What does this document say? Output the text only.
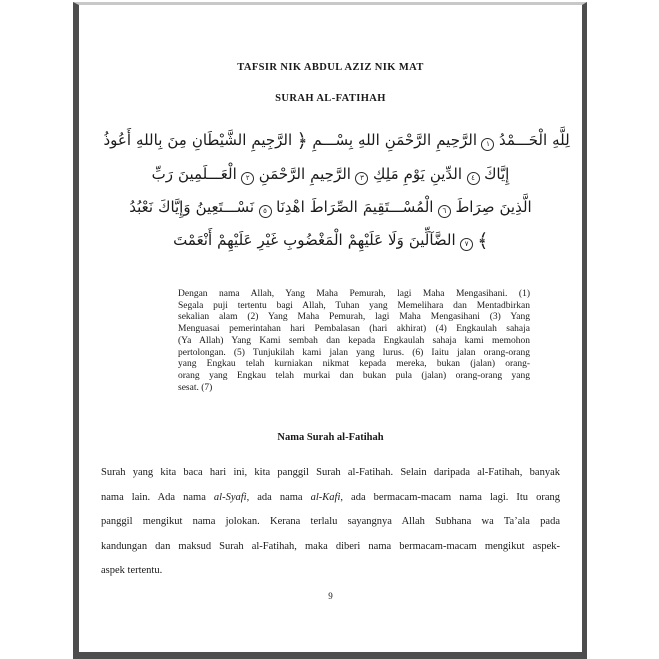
TAFSIR NIK ABDUL AZIZ NIK MAT
SURAH AL-FATIHAH
أَعُوذُ بِاللهِ مِنَ الشَّيْطَانِ الرَّجِيمِ ﴿ بِسْـــمِ اللهِ الرَّحْمَنِ الرَّحِيمِ ١ الْحَـــمْدُ لِلَّهِ
رَبِّ الْعَـــلَمِينَ ٢ الرَّحْمَنِ الرَّحِيمِ ٣ مَلِكِ يَوْمِ الدِّينِ ٤ إِيَّاكَ
نَعْبُدُ وَإِيَّاكَ نَسْـــتَعِينُ ٥ اهْدِنَا الصِّرَاطَ الْمُسْـــتَقِيمَ ٦ صِرَاطَ الَّذِينَ
أَنْعَمْتَ عَلَيْهِمْ غَيْرِ الْمَغْضُوبِ عَلَيْهِمْ وَلَا الضَّآلِّينَ ٧ ﴾
Dengan nama Allah, Yang Maha Pemurah, lagi Maha Mengasihani. (1)
Segala puji tertentu bagi Allah, Tuhan yang Memelihara dan Mentadbirkan
sekalian alam (2) Yang Maha Pemurah, lagi Maha Mengasihani (3) Yang
Menguasai pemerintahan hari Pembalasan (hari akhirat) (4) Engkaulah sahaja
(Ya Allah) Yang Kami sembah dan kepada Engkaulah sahaja kami memohon
pertolongan. (5) Tunjukilah kami jalan yang lurus. (6) Iaitu jalan orang-orang
yang Engkau telah kurniakan nikmat kepada mereka, bukan (jalan) orang-
orang yang Engkau telah murkai dan bukan pula (jalan) orang-orang yang
sesat. (7)
Nama Surah al-Fatihah
Surah yang kita baca hari ini, kita panggil Surah al-Fatihah. Selain daripada al-Fatihah, banyak
nama lain. Ada nama al-Syafi, ada nama al-Kafi, ada bermacam-macam nama lagi. Itu orang
panggil mengikut nama jolokan. Kerana terlalu sayangnya Allah Subhana wa Ta’ala pada
kandungan dan maksud Surah al-Fatihah, maka diberi nama bermacam-macam mengikut aspek-
aspek tertentu.
9
